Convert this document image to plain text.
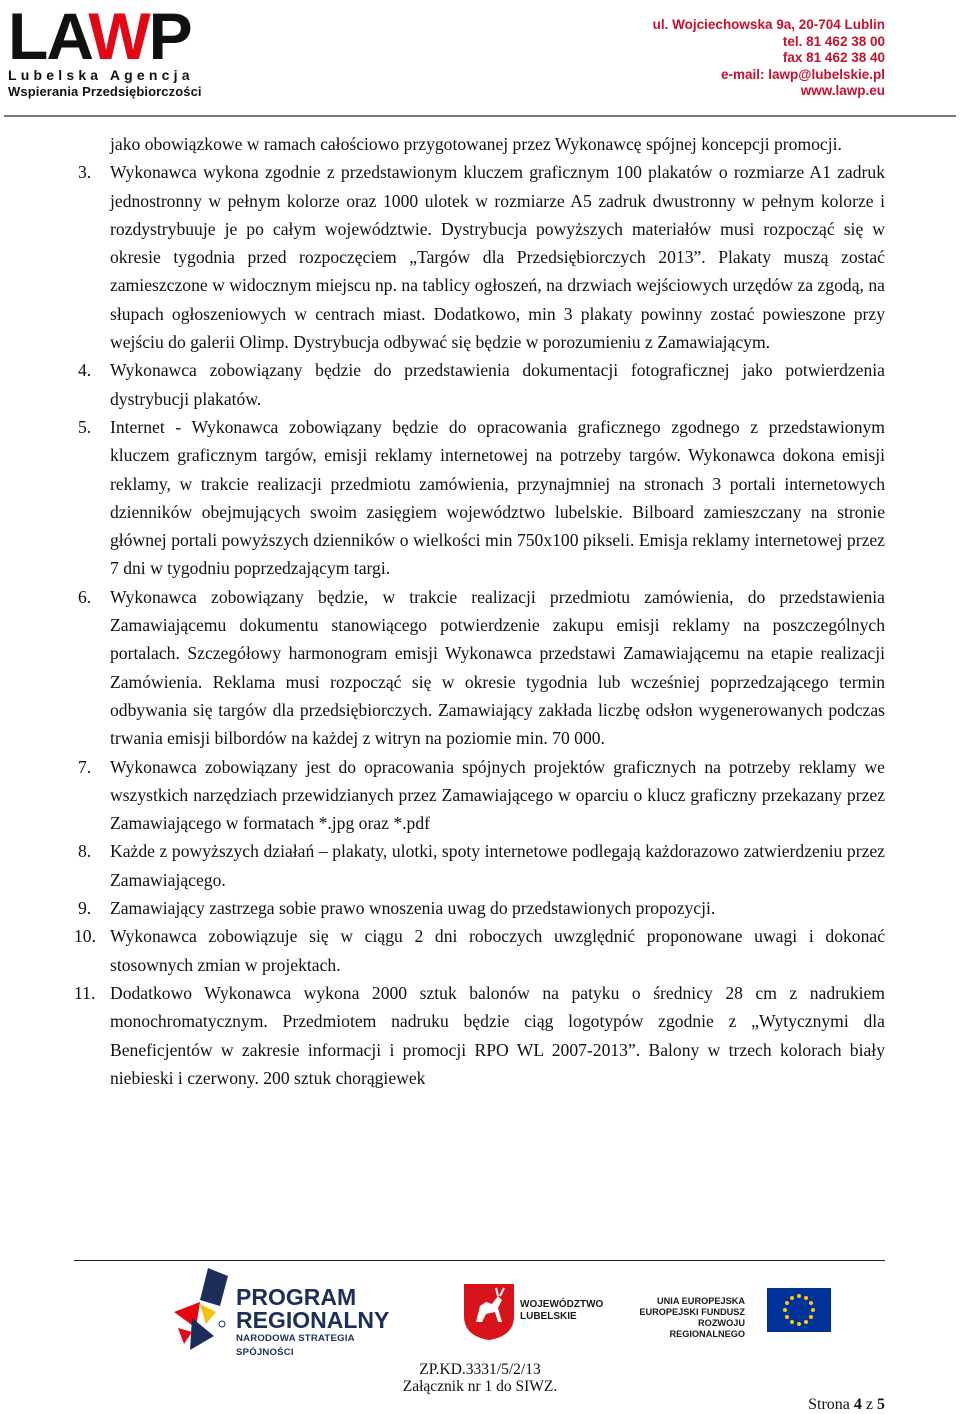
LAWP
Lubelska Agencja
Wspierania Przedsiębiorczości
ul. Wojciechowska 9a, 20-704 Lublin
tel. 81 462 38 00
fax 81 462 38 40
e-mail: lawp@lubelskie.pl
www.lawp.eu
jako obowiązkowe w ramach całościowo przygotowanej przez Wykonawcę spójnej koncepcji promocji.
3.	Wykonawca wykona zgodnie z przedstawionym kluczem graficznym 100 plakatów o rozmiarze A1 zadruk jednostronny w pełnym kolorze oraz 1000 ulotek w rozmiarze A5 zadruk dwustronny w pełnym kolorze i rozdystrybuuje je po całym województwie. Dystrybucja powyższych materiałów musi rozpocząć się w okresie tygodnia przed rozpoczęciem „Targów dla Przedsiębiorczych 2013”. Plakaty muszą zostać zamieszczone w widocznym miejscu np. na tablicy ogłoszeń, na drzwiach wejściowych urzędów za zgodą, na słupach ogłoszeniowych w centrach miast. Dodatkowo, min 3 plakaty powinny zostać powieszone przy wejściu do galerii Olimp. Dystrybucja odbywać się będzie w porozumieniu z Zamawiającym.
4.	Wykonawca zobowiązany będzie do przedstawienia dokumentacji fotograficznej jako potwierdzenia dystrybucji plakatów.
5.	Internet - Wykonawca zobowiązany będzie do opracowania graficznego zgodnego z przedstawionym kluczem graficznym targów, emisji reklamy internetowej na potrzeby targów. Wykonawca dokona emisji reklamy, w trakcie realizacji przedmiotu zamówienia, przynajmniej na stronach 3 portali internetowych dzienników obejmujących swoim zasięgiem województwo lubelskie. Bilboard zamieszczany na stronie głównej portali powyższych dzienników o wielkości min 750x100 pikseli. Emisja reklamy internetowej przez 7 dni w tygodniu poprzedzającym targi.
6.	Wykonawca zobowiązany będzie, w trakcie realizacji przedmiotu zamówienia, do przedstawienia Zamawiającemu dokumentu stanowiącego potwierdzenie zakupu emisji reklamy na poszczególnych portalach. Szczegółowy harmonogram emisji Wykonawca przedstawi Zamawiającemu na etapie realizacji Zamówienia. Reklama musi rozpocząć się w okresie tygodnia lub wcześniej poprzedzającego termin odbywania się targów dla przedsiębiorczych. Zamawiający zakłada liczbę odsłon wygenerowanych podczas trwania emisji bilbordów na każdej z witryn na poziomie min. 70 000.
7.	Wykonawca zobowiązany jest do opracowania spójnych projektów graficznych na potrzeby reklamy we wszystkich narzędziach przewidzianych przez Zamawiającego w oparciu o klucz graficzny przekazany przez Zamawiającego w formatach *.jpg oraz *.pdf
8.	Każde z powyższych działań – plakaty, ulotki, spoty internetowe podlegają każdorazowo zatwierdzeniu przez Zamawiającego.
9.	Zamawiający zastrzega sobie prawo wnoszenia uwag do przedstawionych propozycji.
10. Wykonawca zobowiązuje się w ciągu 2 dni roboczych uwzględnić proponowane uwagi i dokonać stosownych zmian w projektach.
11. Dodatkowo Wykonawca wykona 2000 sztuk balonów na patyku o średnicy 28 cm z nadrukiem monochromatycznym. Przedmiotem nadruku będzie ciąg logotypów zgodnie z „Wytycznymi dla Beneficjentów w zakresie informacji i promocji RPO WL 2007-2013”. Balony w trzech kolorach biały niebieski i czerwony. 200 sztuk chorągiewek
PROGRAM
REGIONALNY
NARODOWA STRATEGIA SPÓJNOŚCI
WOJEWÓDZTWO
LUBELSKIE
UNIA EUROPEJSKA
EUROPEJSKI FUNDUSZ
ROZWOJU REGIONALNEGO
ZP.KD.3331/5/2/13
Załącznik nr 1 do SIWZ.
Strona 4 z 5
